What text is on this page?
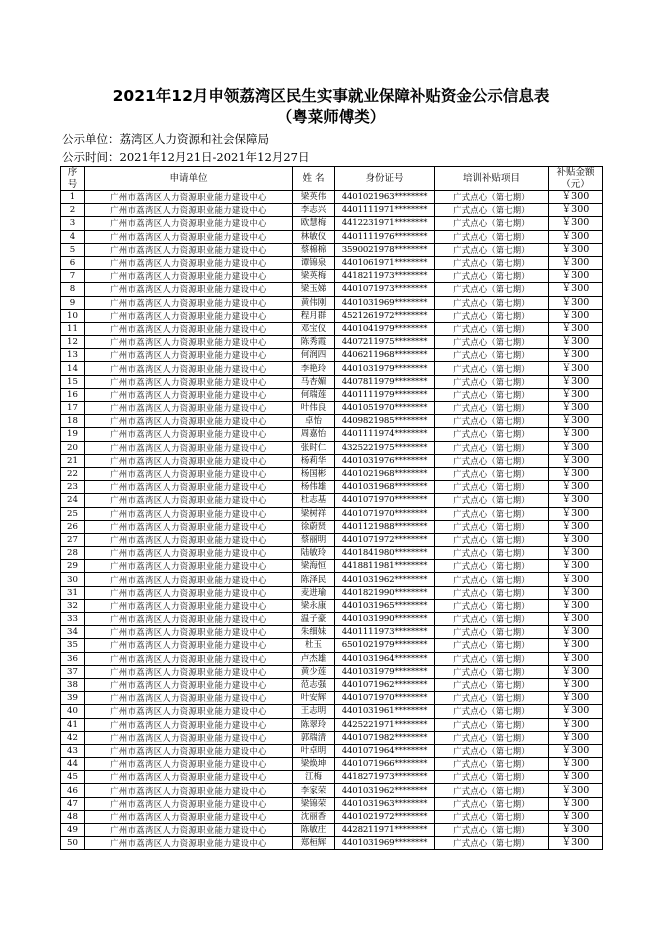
2021年12月申领荔湾区民生实事就业保障补贴资金公示信息表
（粤菜师傅类）
公示单位：荔湾区人力资源和社会保障局
公示时间：2021年12月21日-2021年12月27日
序号	申请单位	姓 名	身份证号	培训补贴项目	补贴金额（元）
1	广州市荔湾区人力资源职业能力建设中心	梁英伟	4401021963********	广式点心（第七期）	￥300
2	广州市荔湾区人力资源职业能力建设中心	李志兴	4401111971********	广式点心（第七期）	￥300
3	广州市荔湾区人力资源职业能力建设中心	欧慧梅	4412231971********	广式点心（第七期）	￥300
4	广州市荔湾区人力资源职业能力建设中心	林敏仪	4401111976********	广式点心（第七期）	￥300
5	广州市荔湾区人力资源职业能力建设中心	蔡棉棉	3590021978********	广式点心（第七期）	￥300
6	广州市荔湾区人力资源职业能力建设中心	谭锦泉	4401061971********	广式点心（第七期）	￥300
7	广州市荔湾区人力资源职业能力建设中心	梁英梅	4418211973********	广式点心（第七期）	￥300
8	广州市荔湾区人力资源职业能力建设中心	梁玉娣	4401071973********	广式点心（第七期）	￥300
9	广州市荔湾区人力资源职业能力建设中心	黄伟刚	4401031969********	广式点心（第七期）	￥300
10	广州市荔湾区人力资源职业能力建设中心	程月群	4521261972********	广式点心（第七期）	￥300
11	广州市荔湾区人力资源职业能力建设中心	邓宝仪	4401041979********	广式点心（第七期）	￥300
12	广州市荔湾区人力资源职业能力建设中心	陈秀霞	4407211975********	广式点心（第七期）	￥300
13	广州市荔湾区人力资源职业能力建设中心	何润四	4406211968********	广式点心（第七期）	￥300
14	广州市荔湾区人力资源职业能力建设中心	李艳玲	4401031979********	广式点心（第七期）	￥300
15	广州市荔湾区人力资源职业能力建设中心	马杏媚	4407811979********	广式点心（第七期）	￥300
16	广州市荔湾区人力资源职业能力建设中心	何瑞莲	4401111979********	广式点心（第七期）	￥300
17	广州市荔湾区人力资源职业能力建设中心	叶伟良	4401051970********	广式点心（第七期）	￥300
18	广州市荔湾区人力资源职业能力建设中心	卓怡	4409821985********	广式点心（第七期）	￥300
19	广州市荔湾区人力资源职业能力建设中心	周嘉怡	4401111974********	广式点心（第七期）	￥300
20	广州市荔湾区人力资源职业能力建设中心	张时仁	4325221975********	广式点心（第七期）	￥300
21	广州市荔湾区人力资源职业能力建设中心	杨莉华	4401031976********	广式点心（第七期）	￥300
22	广州市荔湾区人力资源职业能力建设中心	杨国彬	4401021968********	广式点心（第七期）	￥300
23	广州市荔湾区人力资源职业能力建设中心	杨伟雄	4401031968********	广式点心（第七期）	￥300
24	广州市荔湾区人力资源职业能力建设中心	杜志基	4401071970********	广式点心（第七期）	￥300
25	广州市荔湾区人力资源职业能力建设中心	梁树祥	4401071970********	广式点心（第七期）	￥300
26	广州市荔湾区人力资源职业能力建设中心	徐蔚贤	4401121988********	广式点心（第七期）	￥300
27	广州市荔湾区人力资源职业能力建设中心	蔡丽明	4401071972********	广式点心（第七期）	￥300
28	广州市荔湾区人力资源职业能力建设中心	陆敏玲	4401841980********	广式点心（第七期）	￥300
29	广州市荔湾区人力资源职业能力建设中心	梁海恒	4418811981********	广式点心（第七期）	￥300
30	广州市荔湾区人力资源职业能力建设中心	陈泽民	4401031962********	广式点心（第七期）	￥300
31	广州市荔湾区人力资源职业能力建设中心	麦进瑜	4401821990********	广式点心（第七期）	￥300
32	广州市荔湾区人力资源职业能力建设中心	梁永康	4401031965********	广式点心（第七期）	￥300
33	广州市荔湾区人力资源职业能力建设中心	温子豪	4401031990********	广式点心（第七期）	￥300
34	广州市荔湾区人力资源职业能力建设中心	朱细妹	4401111973********	广式点心（第七期）	￥300
35	广州市荔湾区人力资源职业能力建设中心	杜玉	6501021979********	广式点心（第七期）	￥300
36	广州市荔湾区人力资源职业能力建设中心	卢杰雄	4401031964********	广式点心（第七期）	￥300
37	广州市荔湾区人力资源职业能力建设中心	黄少莲	4401031979********	广式点心（第七期）	￥300
38	广州市荔湾区人力资源职业能力建设中心	范志强	4401071962********	广式点心（第七期）	￥300
39	广州市荔湾区人力资源职业能力建设中心	叶安辉	4401071970********	广式点心（第七期）	￥300
40	广州市荔湾区人力资源职业能力建设中心	王志明	4401031961********	广式点心（第七期）	￥300
41	广州市荔湾区人力资源职业能力建设中心	陈翠玲	4425221971********	广式点心（第七期）	￥300
42	广州市荔湾区人力资源职业能力建设中心	郭瑞清	4401071982********	广式点心（第七期）	￥300
43	广州市荔湾区人力资源职业能力建设中心	叶卓明	4401071964********	广式点心（第七期）	￥300
44	广州市荔湾区人力资源职业能力建设中心	梁焕坤	4401071966********	广式点心（第七期）	￥300
45	广州市荔湾区人力资源职业能力建设中心	江梅	4418271973********	广式点心（第七期）	￥300
46	广州市荔湾区人力资源职业能力建设中心	李家荣	4401031962********	广式点心（第七期）	￥300
47	广州市荔湾区人力资源职业能力建设中心	梁锦荣	4401031963********	广式点心（第七期）	￥300
48	广州市荔湾区人力资源职业能力建设中心	沈丽香	4401021972********	广式点心（第七期）	￥300
49	广州市荔湾区人力资源职业能力建设中心	陈敏庄	4428211971********	广式点心（第七期）	￥300
50	广州市荔湾区人力资源职业能力建设中心	郑桓辉	4401031969********	广式点心（第七期）	￥300
